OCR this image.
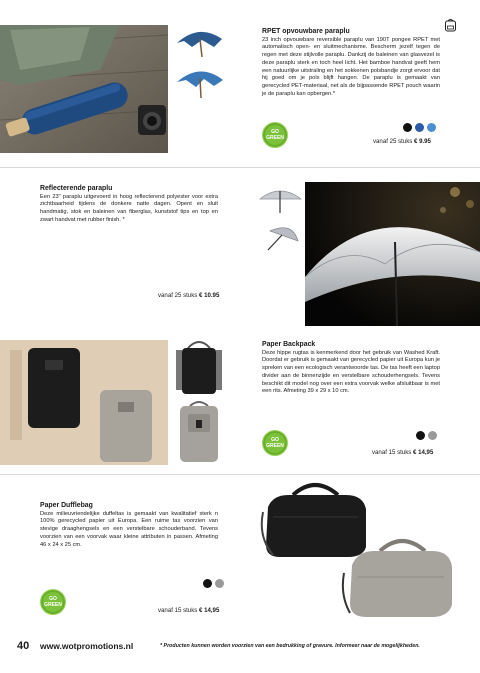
RPET opvouwbare paraplu
23 inch opvouwbare reversible paraplu van 190T pongee RPET met automatisch open- en sluitmechanisme. Bescherm jezelf tegen de regen met deze stijlvolle paraplu. Dankzij de baleinen van glasvezel is deze paraplu sterk en toch heel licht. Het bamboe handvat geeft hem een natuurlijke uitstraling en het sokkenen polsbandje zorgt ervoor dat hij goed om je pols blijft hangen. De paraplu is gemaakt van gerecycled PET-materiaal, net als de bijpassende RPET pouch waarin je de paraplu kan opbergen.*
GO
GREEN	vanaf 25 stuks € 9.95
Reflecterende paraplu
Een 23" paraplu uitgevoerd in hoog reflecterend polyester voor extra zichtbaarheid tijdens de donkere natte dagen. Opent en sluit handmatig, stok en baleinen van fiberglas, kunststof tips en top en zwart handvat met rubber finish. *
vanaf 25 stuks € 10.95
Paper Backpack
Deze hippe rugtas is kenmerkend door het gebruik van Washed Kraft. Doordat er gebruik is gemaakt van gerecycled papier uit Europa kun je spreken van een ecologisch verantwoorde tas. De tas heeft een laptop divider aan de binnenzijde en verstelbare schouderhengsels. Tevens beschikt dit model nog over een extra voorvak welke afsluitbaar is met een rits. Afmeting 39 x 29 x 10 cm.
GO
GREEN
vanaf 15 stuks € 14,95
Paper Dufflebag
Deze milieuvriendelijke duffeltas is gemaakt van kwalitatief sterk n 100% gerecycled papier uit Europa. Een ruime tas voorzien van stevige draaghengsels en een verstelbare schouderband. Tevens voorzien van een voorvak waar kleine attributen in passen. Afmeting 46 x 24 x 25 cm.
GO
GREEN
vanaf 15 stuks € 14,95
40 www.wotpromotions.nl	* Producten kunnen worden voorzien van een bedrukking of gravure. Informeer naar de mogelijkheden.
